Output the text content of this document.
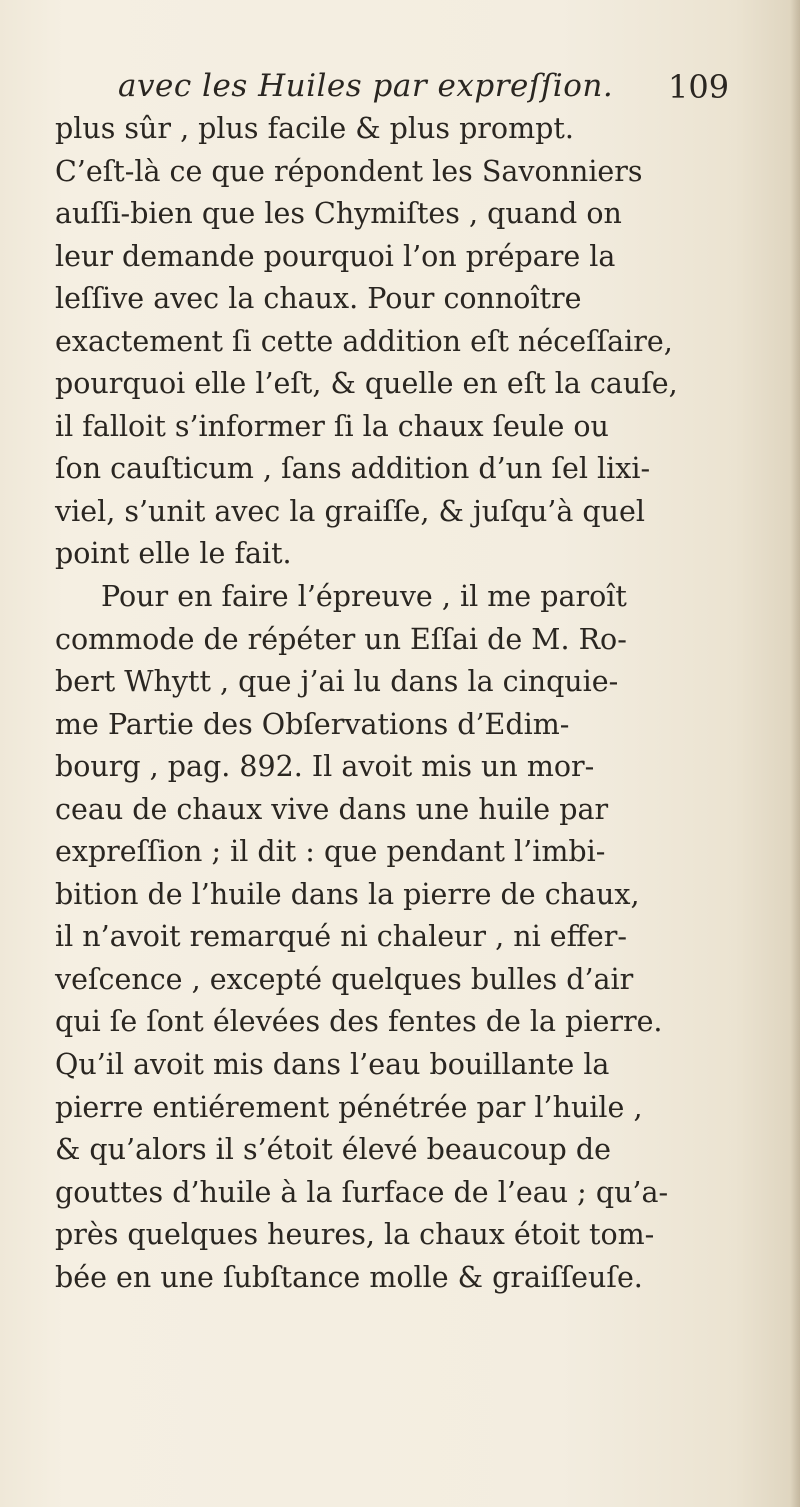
avec les Huiles par expreſſion. 109
plus sûr , plus facile & plus prompt.
C’eſt-là ce que répondent les Savonniers
auſſi-bien que les Chymiſtes , quand on
leur demande pourquoi l’on prépare la
leſſive avec la chaux. Pour connoître
exactement ſi cette addition eſt néceſſaire,
pourquoi elle l’eſt, & quelle en eſt la cauſe,
il falloit s’informer ſi la chaux ſeule ou
ſon cauſticum , ſans addition d’un ſel lixi-
viel, s’unit avec la graiſſe, & juſqu’à quel
point elle le fait.
Pour en faire l’épreuve , il me paroît
commode de répéter un Eſſai de M. Ro-
bert Whytt , que j’ai lu dans la cinquie-
me Partie des Obſervations d’Edim-
bourg , pag. 892. Il avoit mis un mor-
ceau de chaux vive dans une huile par
expreſſion ; il dit : que pendant l’imbi-
bition de l’huile dans la pierre de chaux,
il n’avoit remarqué ni chaleur , ni effer-
veſcence , excepté quelques bulles d’air
qui ſe ſont élevées des fentes de la pierre.
Qu’il avoit mis dans l’eau bouillante la
pierre entiérement pénétrée par l’huile ,
& qu’alors il s’étoit élevé beaucoup de
gouttes d’huile à la ſurface de l’eau ; qu’a-
près quelques heures, la chaux étoit tom-
bée en une ſubſtance molle & graiſſeuſe.
